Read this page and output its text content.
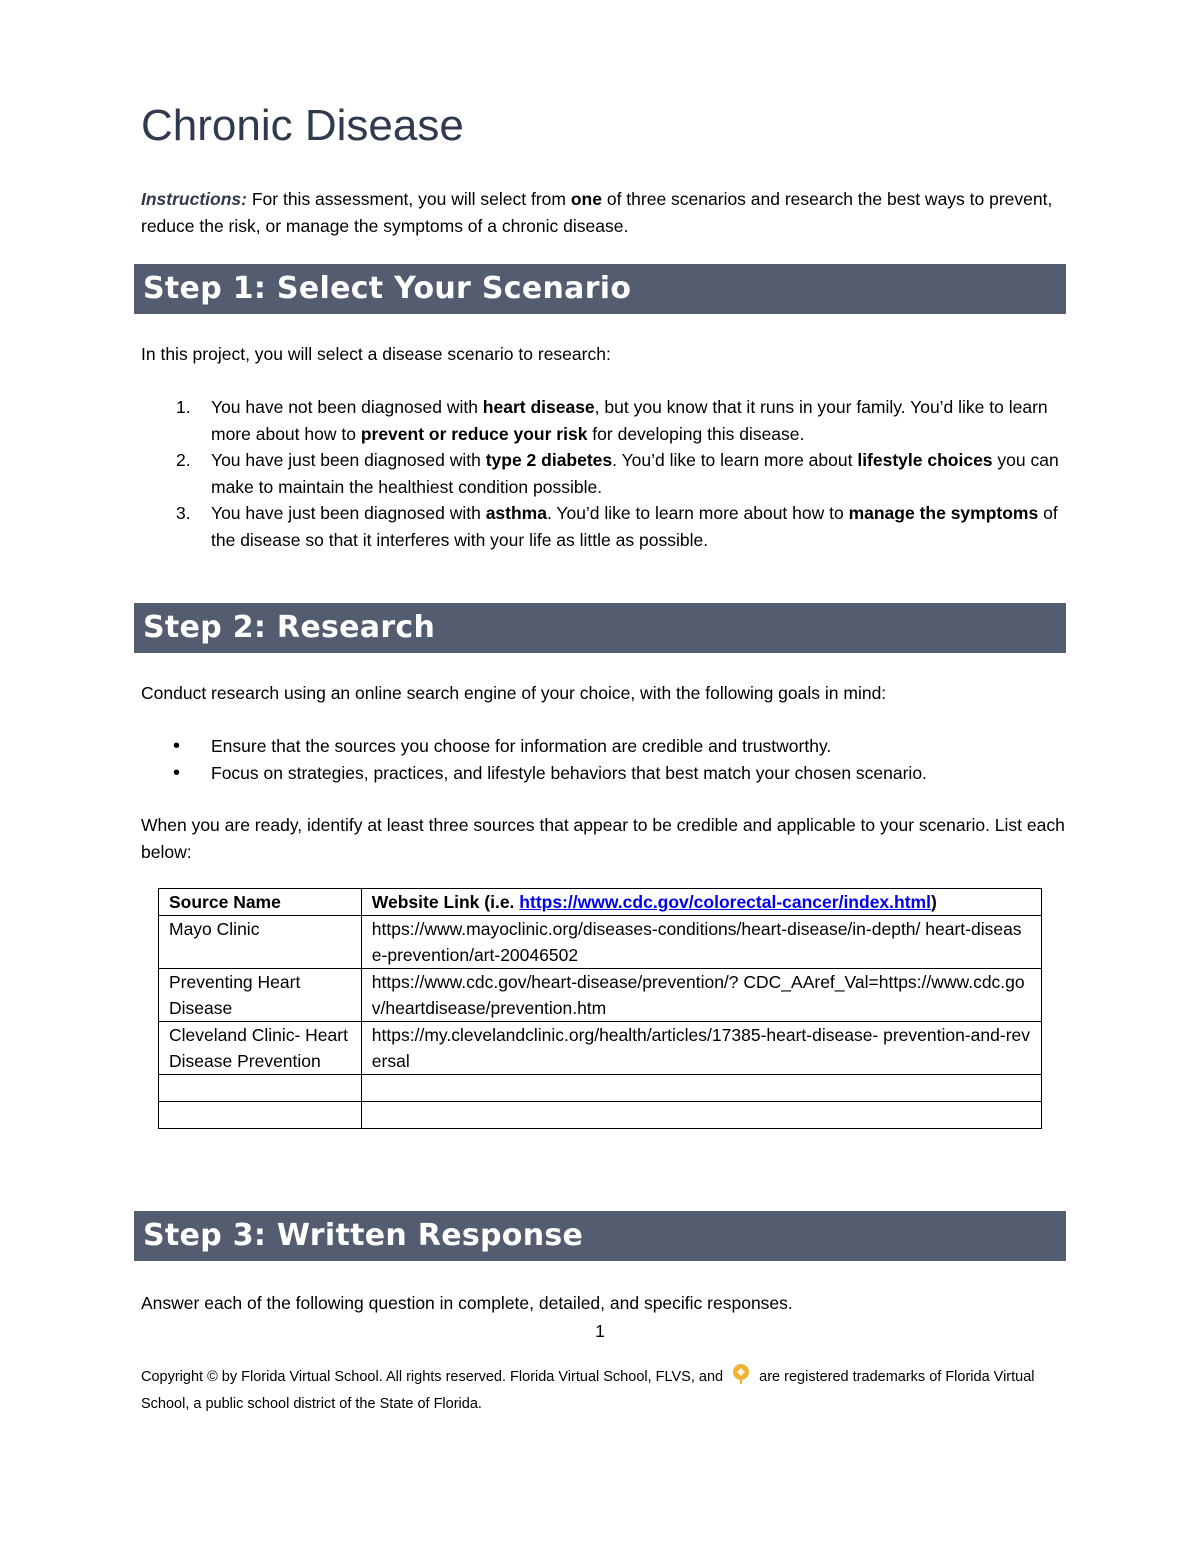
Chronic Disease

Instructions: For this assessment, you will select from one of three scenarios and research the best ways to prevent, reduce the risk, or manage the symptoms of a chronic disease.

Step 1: Select Your Scenario

In this project, you will select a disease scenario to research:

1. You have not been diagnosed with heart disease, but you know that it runs in your family. You’d like to learn more about how to prevent or reduce your risk for developing this disease.
2. You have just been diagnosed with type 2 diabetes. You’d like to learn more about lifestyle choices you can make to maintain the healthiest condition possible.
3. You have just been diagnosed with asthma. You’d like to learn more about how to manage the symptoms of the disease so that it interferes with your life as little as possible.
Step 2: Research

Conduct research using an online search engine of your choice, with the following goals in mind:

• Ensure that the sources you choose for information are credible and trustworthy.
• Focus on strategies, practices, and lifestyle behaviors that best match your chosen scenario.

When you are ready, identify at least three sources that appear to be credible and applicable to your scenario. List each below:

Source Name	Website Link (i.e. https://www.cdc.gov/colorectal-cancer/index.html)
Mayo Clinic	https://www.mayoclinic.org/diseases-conditions/heart-disease/in-depth/ heart-disease-prevention/art-20046502
Preventing Heart Disease	https://www.cdc.gov/heart-disease/prevention/? CDC_AAref_Val=https://www.cdc.gov/heartdisease/prevention.htm
Cleveland Clinic- Heart Disease Prevention	https://my.clevelandclinic.org/health/articles/17385-heart-disease- prevention-and-reversal

Step 3: Written Response

Answer each of the following question in complete, detailed, and specific responses.

1

Copyright © by Florida Virtual School. All rights reserved. Florida Virtual School, FLVS, and  are registered trademarks of Florida Virtual School, a public school district of the State of Florida.
